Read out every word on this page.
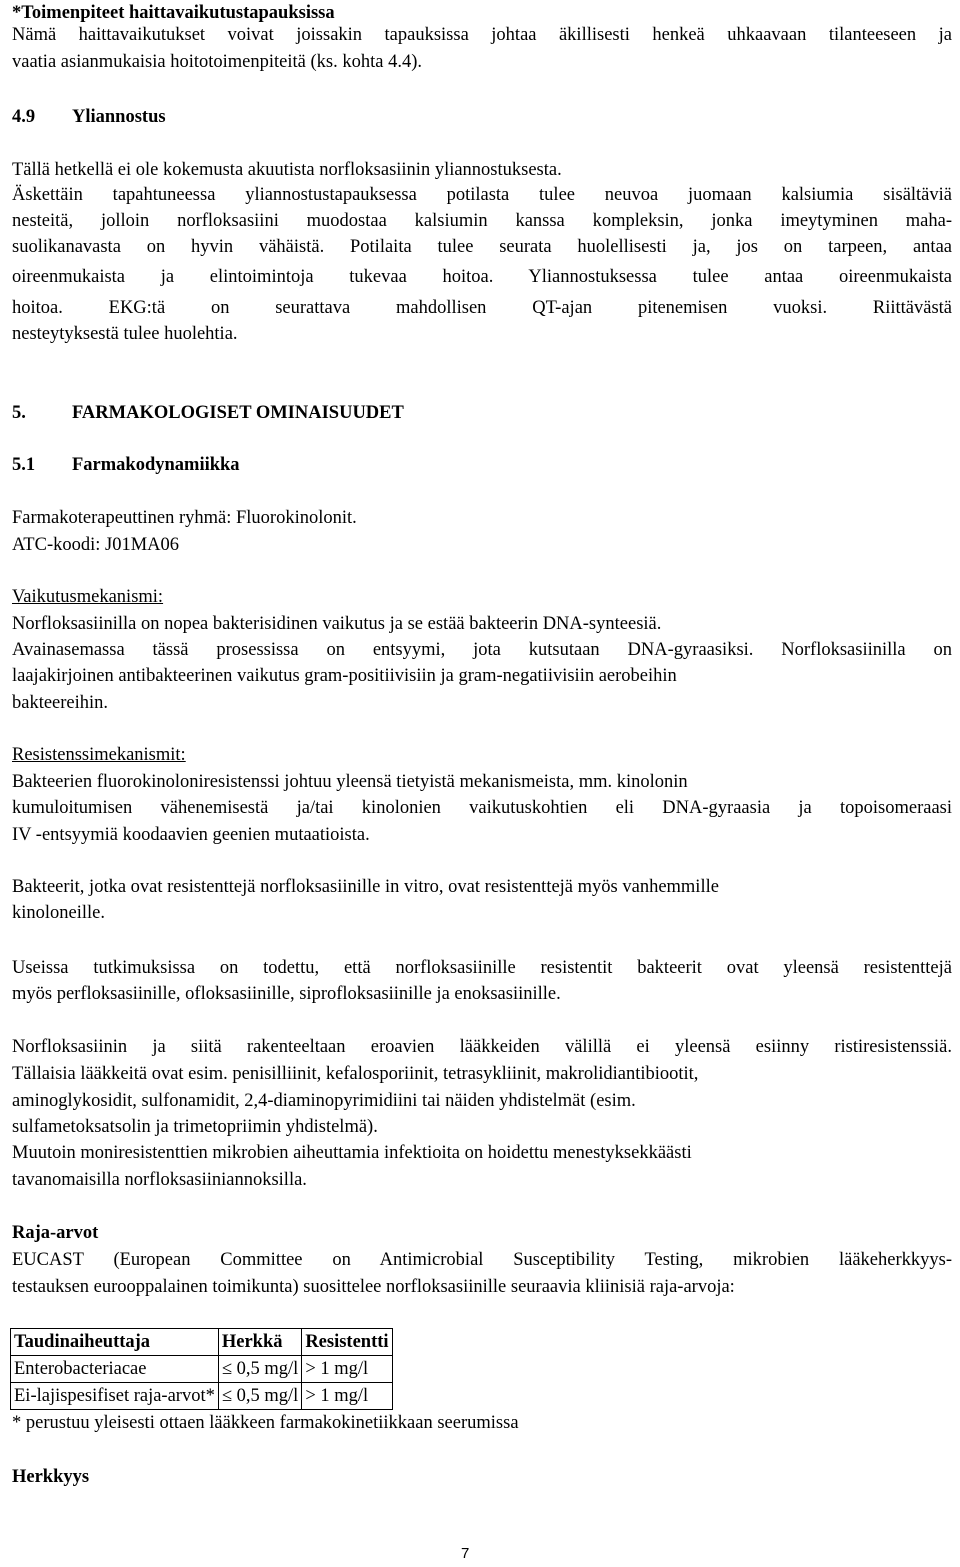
*Toimenpiteet haittavaikutustapauksissa
Nämä haittavaikutukset voivat joissakin tapauksissa johtaa äkillisesti henkeä uhkaavaan tilanteeseen ja
vaatia asianmukaisia hoitotoimenpiteitä (ks. kohta 4.4).
4.9 Yliannostus
Tällä hetkellä ei ole kokemusta akuutista norfloksasiinin yliannostuksesta.
Äskettäin tapahtuneessa yliannostustapauksessa potilasta tulee neuvoa juomaan kalsiumia sisältäviä
nesteitä, jolloin norfloksasiini muodostaa kalsiumin kanssa kompleksin, jonka imeytyminen maha-
suolikanavasta on hyvin vähäistä. Potilaita tulee seurata huolellisesti ja, jos on tarpeen, antaa
oireenmukaista ja elintoimintoja tukevaa hoitoa. Yliannostuksessa tulee antaa oireenmukaista
hoitoa. EKG:tä on seurattava mahdollisen QT-ajan pitenemisen vuoksi. Riittävästä
nesteytyksestä tulee huolehtia.
5. FARMAKOLOGISET OMINAISUUDET
5.1 Farmakodynamiikka
Farmakoterapeuttinen ryhmä: Fluorokinolonit.
ATC-koodi: J01MA06
Vaikutusmekanismi:
Norfloksasiinilla on nopea bakterisidinen vaikutus ja se estää bakteerin DNA-synteesiä.
Avainasemassa tässä prosessissa on entsyymi, jota kutsutaan DNA-gyraasiksi. Norfloksasiinilla on
laajakirjoinen antibakteerinen vaikutus gram-positiivisiin ja gram-negatiivisiin aerobeihin
bakteereihin.
Resistenssimekanismit:
Bakteerien fluorokinoloniresistenssi johtuu yleensä tietyistä mekanismeista, mm. kinolonin
kumuloitumisen vähenemisestä ja/tai kinolonien vaikutuskohtien eli DNA-gyraasia ja topoisomeraasi
IV -entsyymiä koodaavien geenien mutaatioista.
Bakteerit, jotka ovat resistenttejä norfloksasiinille in vitro, ovat resistenttejä myös vanhemmille
kinoloneille.
Useissa tutkimuksissa on todettu, että norfloksasiinille resistentit bakteerit ovat yleensä resistenttejä
myös perfloksasiinille, ofloksasiinille, siprofloksasiinille ja enoksasiinille.
Norfloksasiinin ja siitä rakenteeltaan eroavien lääkkeiden välillä ei yleensä esiinny ristiresistenssiä.
Tällaisia lääkkeitä ovat esim. penisilliinit, kefalosporiinit, tetrasykliinit, makrolidiantibiootit,
aminoglykosidit, sulfonamidit, 2,4-diaminopyrimidiini tai näiden yhdistelmät (esim.
sulfametoksatsolin ja trimetopriimin yhdistelmä).
Muutoin moniresistenttien mikrobien aiheuttamia infektioita on hoidettu menestyksekkäästi
tavanomaisilla norfloksasiiniannoksilla.
Raja-arvot
EUCAST (European Committee on Antimicrobial Susceptibility Testing, mikrobien lääkeherkkyys-
testauksen eurooppalainen toimikunta) suosittelee norfloksasiinille seuraavia kliinisiä raja-arvoja:
Taudinaiheuttaja	Herkkä	Resistentti
Enterobacteriacae	≤ 0,5 mg/l	> 1 mg/l
Ei-lajispesifiset raja-arvot*	≤ 0,5 mg/l	> 1 mg/l
* perustuu yleisesti ottaen lääkkeen farmakokinetiikkaan seerumissa
Herkkyys
7
